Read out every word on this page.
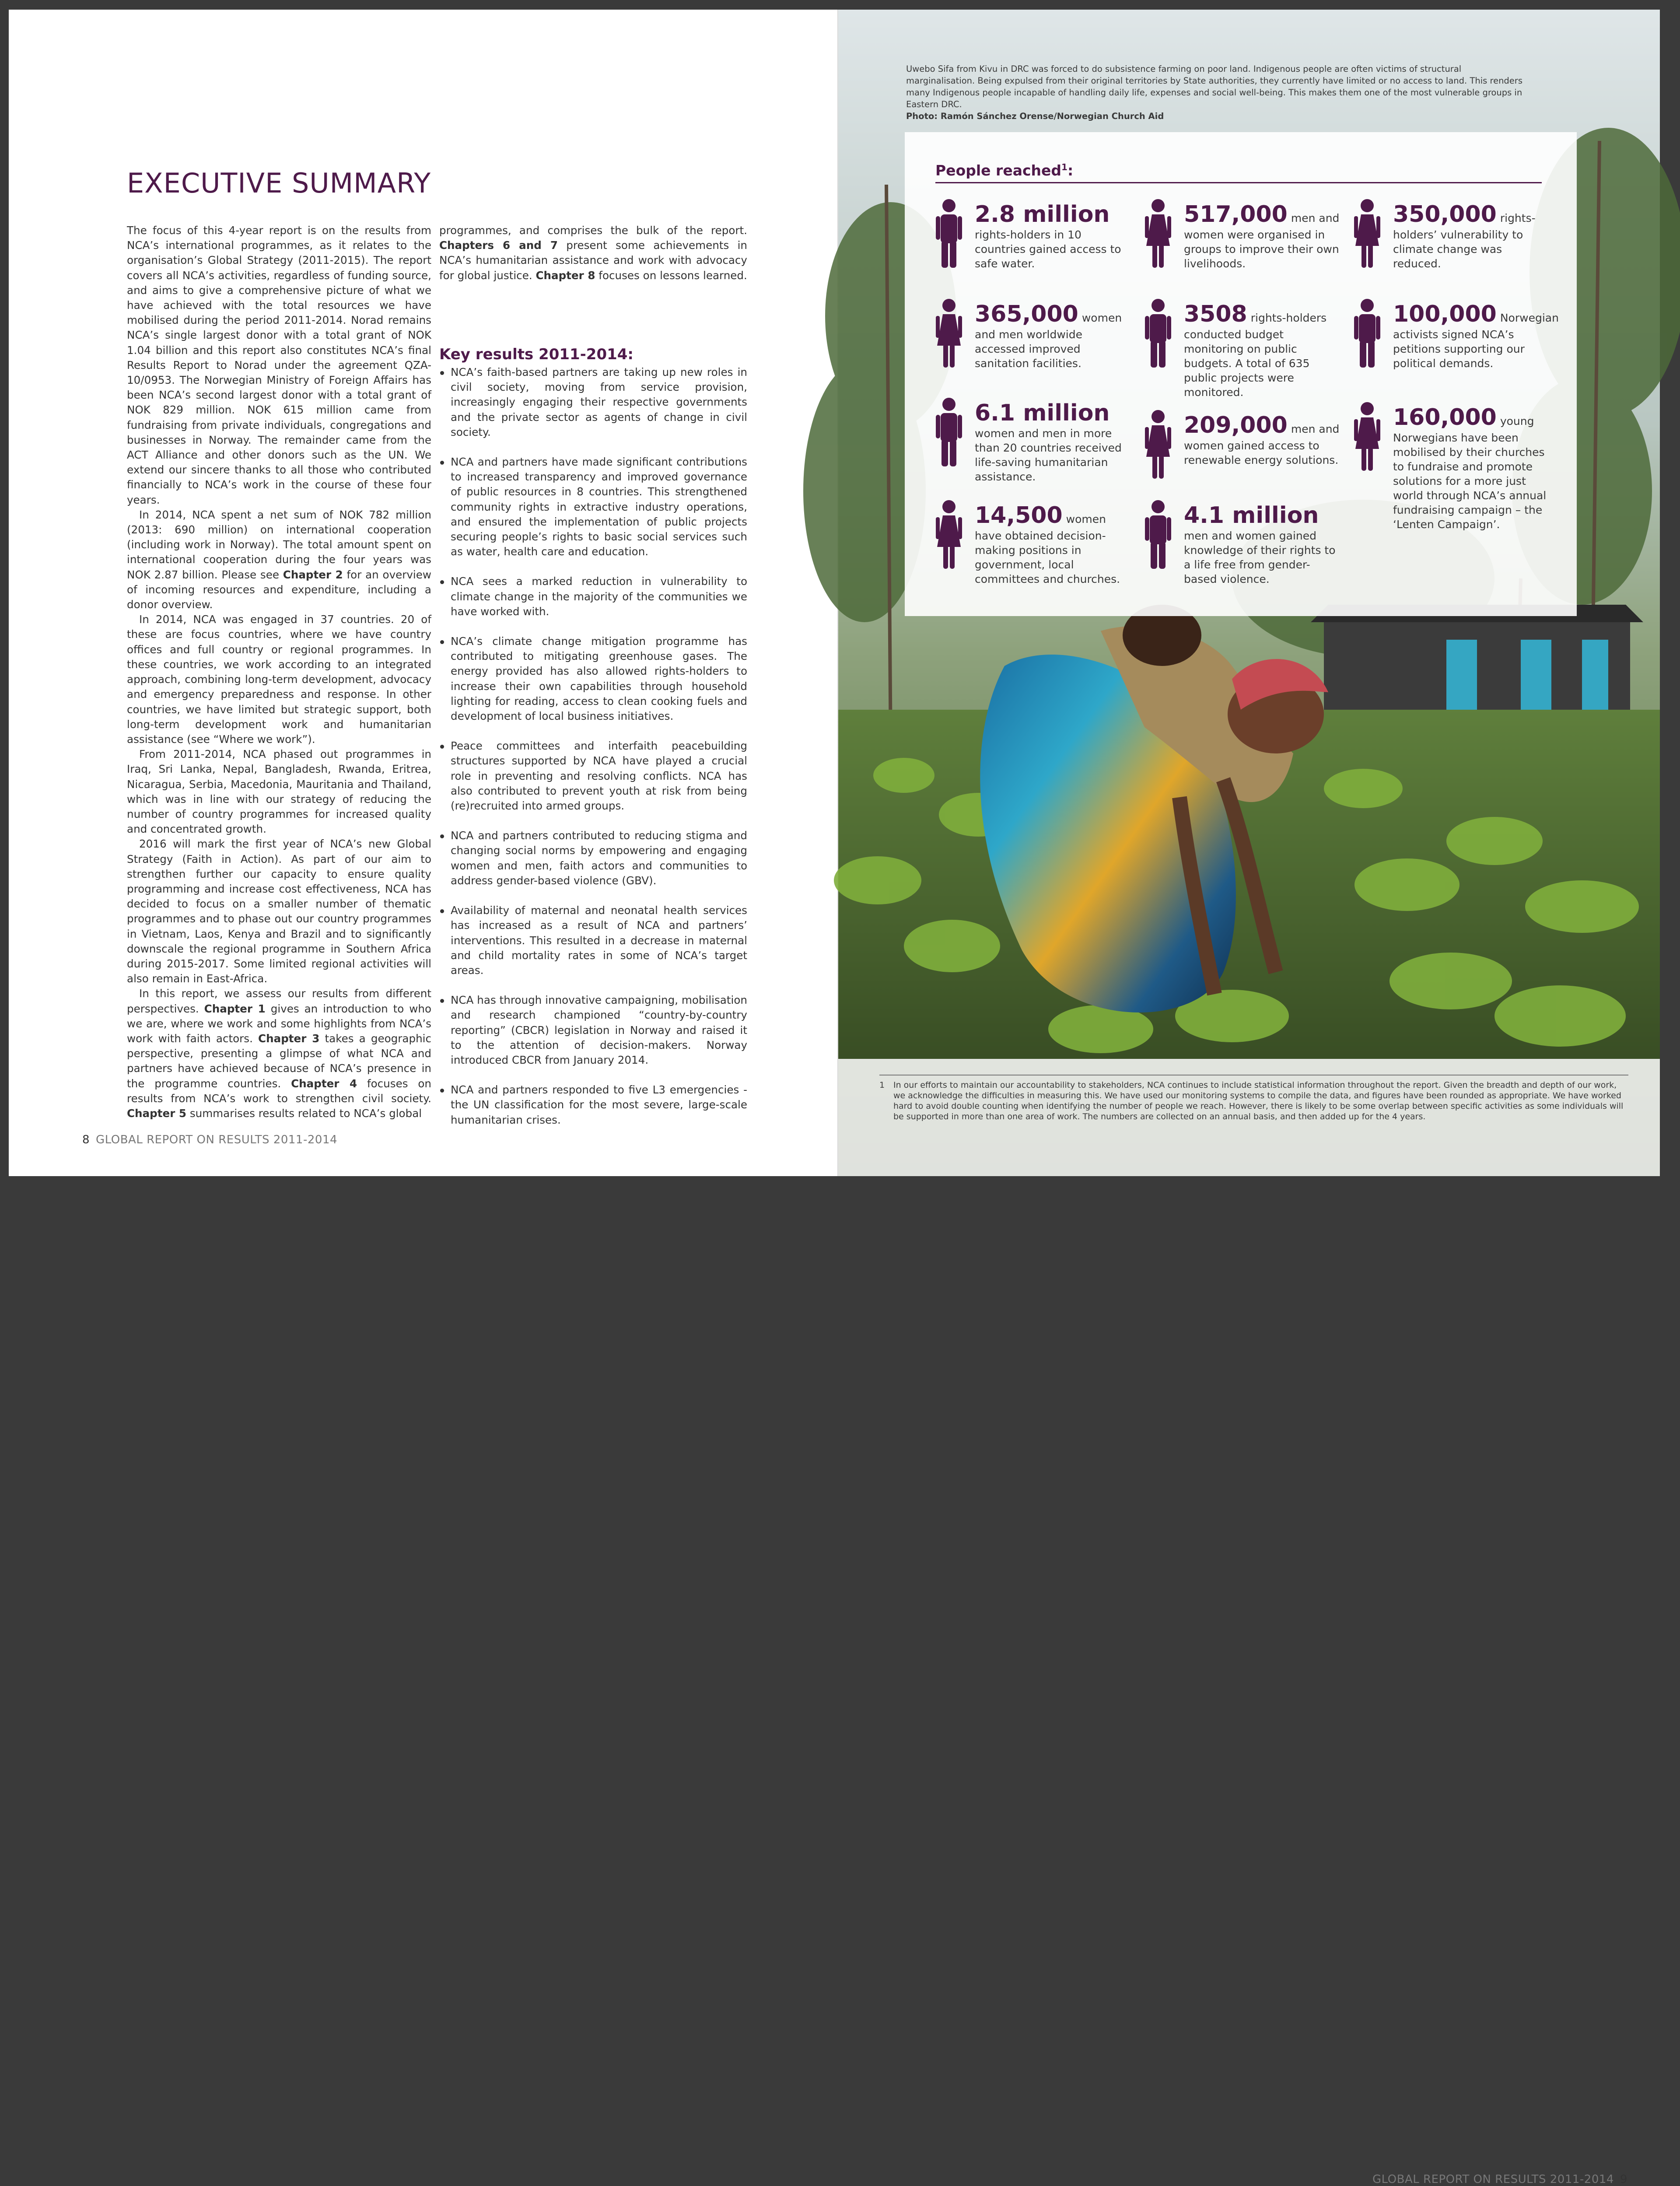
EXECUTIVE SUMMARY

The focus of this 4-year report is on the results from NCA’s international programmes, as it relates to the organisation’s Global Strategy (2011-2015). The report covers all NCA’s activities, regardless of funding source, and aims to give a comprehensive picture of what we have achieved with the total resources we have mobilised during the period 2011-2014. Norad remains NCA’s single largest donor with a total grant of NOK 1.04 billion and this report also constitutes NCA’s final Results Report to Norad under the agreement QZA-10/0953. The Norwegian Ministry of Foreign Affairs has been NCA’s second largest donor with a total grant of NOK 829 million. NOK 615 million came from fundraising from private individuals, congregations and businesses in Norway. The remainder came from the ACT Alliance and other donors such as the UN. We extend our sincere thanks to all those who contributed financially to NCA’s work in the course of these four years.

In 2014, NCA spent a net sum of NOK 782 million (2013: 690 million) on international cooperation (including work in Norway). The total amount spent on international cooperation during the four years was NOK 2.87 billion. Please see Chapter 2 for an overview of incoming resources and expenditure, including a donor overview.

In 2014, NCA was engaged in 37 countries. 20 of these are focus countries, where we have country offices and full country or regional programmes. In these countries, we work according to an integrated approach, combining long-term development, advocacy and emergency preparedness and response. In other countries, we have limited but strategic support, both long-term development work and humanitarian assistance (see “Where we work”).

From 2011-2014, NCA phased out programmes in Iraq, Sri Lanka, Nepal, Bangladesh, Rwanda, Eritrea, Nicaragua, Serbia, Macedonia, Mauritania and Thailand, which was in line with our strategy of reducing the number of country programmes for increased quality and concentrated growth.

2016 will mark the first year of NCA’s new Global Strategy (Faith in Action). As part of our aim to strengthen further our capacity to ensure quality programming and increase cost effectiveness, NCA has decided to focus on a smaller number of thematic programmes and to phase out our country programmes in Vietnam, Laos, Kenya and Brazil and to significantly downscale the regional programme in Southern Africa during 2015-2017. Some limited regional activities will also remain in East-Africa.

In this report, we assess our results from different perspectives. Chapter 1 gives an introduction to who we are, where we work and some highlights from NCA’s work with faith actors. Chapter 3 takes a geographic perspective, presenting a glimpse of what NCA and partners have achieved because of NCA’s presence in the programme countries. Chapter 4 focuses on results from NCA’s work to strengthen civil society. Chapter 5 summarises results related to NCA’s global

programmes, and comprises the bulk of the report. Chapters 6 and 7 present some achievements in NCA’s humanitarian assistance and work with advocacy for global justice. Chapter 8 focuses on lessons learned.

Key results 2011-2014:
NCA’s faith-based partners are taking up new roles in civil society, moving from service provision, increasingly engaging their respective governments and the private sector as agents of change in civil society.
NCA and partners have made significant contributions to increased transparency and improved governance of public resources in 8 countries. This strengthened community rights in extractive industry operations, and ensured the implementation of public projects securing people’s rights to basic social services such as water, health care and education.
NCA sees a marked reduction in vulnerability to climate change in the majority of the communities we have worked with.
NCA’s climate change mitigation programme has contributed to mitigating greenhouse gases. The energy provided has also allowed rights-holders to increase their own capabilities through household lighting for reading, access to clean cooking fuels and development of local business initiatives.
Peace committees and interfaith peacebuilding structures supported by NCA have played a crucial role in preventing and resolving conflicts. NCA has also contributed to prevent youth at risk from being (re)recruited into armed groups.
NCA and partners contributed to reducing stigma and changing social norms by empowering and engaging women and men, faith actors and communities to address gender-based violence (GBV).
Availability of maternal and neonatal health services has increased as a result of NCA and partners’ interventions. This resulted in a decrease in maternal and child mortality rates in some of NCA’s target areas.
NCA has through innovative campaigning, mobilisation and research championed “country-by-country reporting” (CBCR) legislation in Norway and raised it to the attention of decision-makers. Norway introduced CBCR from January 2014.
NCA and partners responded to five L3 emergencies - the UN classification for the most severe, large-scale humanitarian crises.
8 GLOBAL REPORT ON RESULTS 2011-2014
Uwebo Sifa from Kivu in DRC was forced to do subsistence farming on poor land. Indigenous people are often victims of structural marginalisation. Being expulsed from their original territories by State authorities, they currently have limited or no access to land. This renders many Indigenous people incapable of handling daily life, expenses and social well-being. This makes them one of the most vulnerable groups in Eastern DRC.
Photo: Ramón Sánchez Orense/Norwegian Church Aid
People reached$^1$:
2.8 million
rights-holders in 10 countries gained access to safe water.
517,000 men and women were organised in groups to improve their own livelihoods.
350,000 rights-holders’ vulnerability to climate change was reduced.
365,000 women and men worldwide accessed improved sanitation facilities.
3508 rights-holders conducted budget monitoring on public budgets. A total of 635 public projects were monitored.
100,000 Norwegian activists signed NCA’s petitions supporting our political demands.
6.1 million
women and men in more than 20 countries received life-saving humanitarian assistance.
209,000 men and women gained access to renewable energy solutions.
160,000 young Norwegians have been mobilised by their churches to fundraise and promote solutions for a more just world through NCA’s annual fundraising campaign – the ‘Lenten Campaign’.
14,500 women have obtained decision-making positions in government, local committees and churches.
4.1 million
men and women gained knowledge of their rights to a life free from gender-based violence.
1	In our efforts to maintain our accountability to stakeholders, NCA continues to include statistical information throughout the report. Given the breadth and depth of our work, we acknowledge the difficulties in measuring this. We have used our monitoring systems to compile the data, and figures have been rounded as appropriate. We have worked hard to avoid double counting when identifying the number of people we reach. However, there is likely to be some overlap between specific activities as some individuals will be supported in more than one area of work. The numbers are collected on an annual basis, and then added up for the 4 years.
GLOBAL REPORT ON RESULTS 2011-2014 9
